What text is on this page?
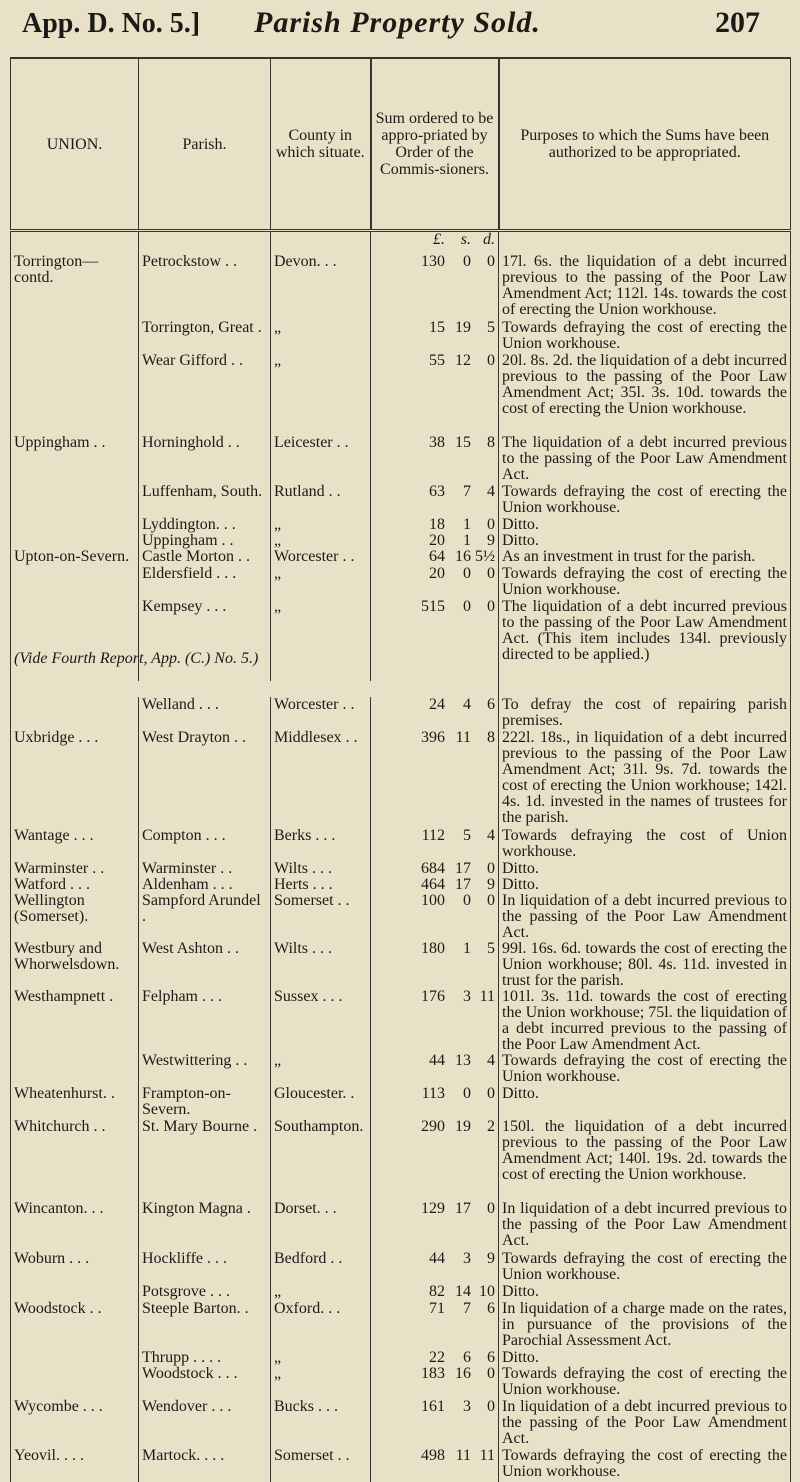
App. D. No. 5.] Parish Property Sold.	207
UNION.	Parish.	County in which situate.	Sum ordered to be appro-priated by Order of the Commis-sioners.	Purposes to which the Sums have been authorized to be appropriated.
			£. s. d.	
Torrington—contd.	Petrockstow . .	Devon. . .	130 0 0	17l. 6s. the liquidation of a debt incurred previous to the passing of the Poor Law Amendment Act; 112l. 14s. towards the cost of erecting the Union workhouse.
	Torrington, Great .	„	15 19 5	Towards defraying the cost of erecting the Union workhouse.
	Wear Gifford . .	„	55 12 0	20l. 8s. 2d. the liquidation of a debt incurred previous to the passing of the Poor Law Amendment Act; 35l. 3s. 10d. towards the cost of erecting the Union workhouse.
Uppingham . .	Horninghold . .	Leicester . .	38 15 8	The liquidation of a debt incurred previous to the passing of the Poor Law Amendment Act.
	Luffenham, South.	Rutland . .	63 7 4	Towards defraying the cost of erecting the Union workhouse.
	Lyddington. . .	„	18 1 0	Ditto.
	Uppingham . .	„	20 1 9	Ditto.
Upton-on-Severn.	Castle Morton . .	Worcester . .	64 16 5½	As an investment in trust for the parish.
	Eldersfield . . .	„	20 0 0	Towards defraying the cost of erecting the Union workhouse.
	Kempsey . . .	„	515 0 0	The liquidation of a debt incurred previous to the passing of the Poor Law Amendment Act. (This item includes 134l. previously directed to be applied.)
(Vide Fourth Report, App. (C.) No. 5.)				
	Welland . . .	Worcester . .	24 4 6	To defray the cost of repairing parish premises.
Uxbridge . . .	West Drayton . .	Middlesex . .	396 11 8	222l. 18s., in liquidation of a debt incurred previous to the passing of the Poor Law Amendment Act; 31l. 9s. 7d. towards the cost of erecting the Union workhouse; 142l. 4s. 1d. invested in the names of trustees for the parish.
Wantage . . .	Compton . . .	Berks . . .	112 5 4	Towards defraying the cost of Union workhouse.
Warminster . .	Warminster . .	Wilts . . .	684 17 0	Ditto.
Watford . . .	Aldenham . . .	Herts . . .	464 17 9	Ditto.
Wellington (Somerset).	Sampford Arundel .	Somerset . .	100 0 0	In liquidation of a debt incurred previous to the passing of the Poor Law Amendment Act.
Westbury and Whorwelsdown.	West Ashton . .	Wilts . . .	180 1 5	99l. 16s. 6d. towards the cost of erecting the Union workhouse; 80l. 4s. 11d. invested in trust for the parish.
Westhampnett .	Felpham . . .	Sussex . . .	176 3 11	101l. 3s. 11d. towards the cost of erecting the Union workhouse; 75l. the liquidation of a debt incurred previous to the passing of the Poor Law Amendment Act.
	Westwittering . .	„	44 13 4	Towards defraying the cost of erecting the Union workhouse.
Wheatenhurst. .	Frampton-on-Severn.	Gloucester. .	113 0 0	Ditto.
Whitchurch . .	St. Mary Bourne .	Southampton.	290 19 2	150l. the liquidation of a debt incurred previous to the passing of the Poor Law Amendment Act; 140l. 19s. 2d. towards the cost of erecting the Union workhouse.
Wincanton. . .	Kington Magna .	Dorset. . .	129 17 0	In liquidation of a debt incurred previous to the passing of the Poor Law Amendment Act.
Woburn . . .	Hockliffe . . .	Bedford . .	44 3 9	Towards defraying the cost of erecting the Union workhouse.
	Potsgrove . . .	„	82 14 10	Ditto.
Woodstock . .	Steeple Barton. .	Oxford. . .	71 7 6	In liquidation of a charge made on the rates, in pursuance of the provisions of the Parochial Assessment Act.
	Thrupp . . . .	„	22 6 6	Ditto.
	Woodstock . . .	„	183 16 0	Towards defraying the cost of erecting the Union workhouse.
Wycombe . . .	Wendover . . .	Bucks . . .	161 3 0	In liquidation of a debt incurred previous to the passing of the Poor Law Amendment Act.
Yeovil. . . .	Martock. . . .	Somerset . .	498 11 11	Towards defraying the cost of erecting the Union workhouse.
